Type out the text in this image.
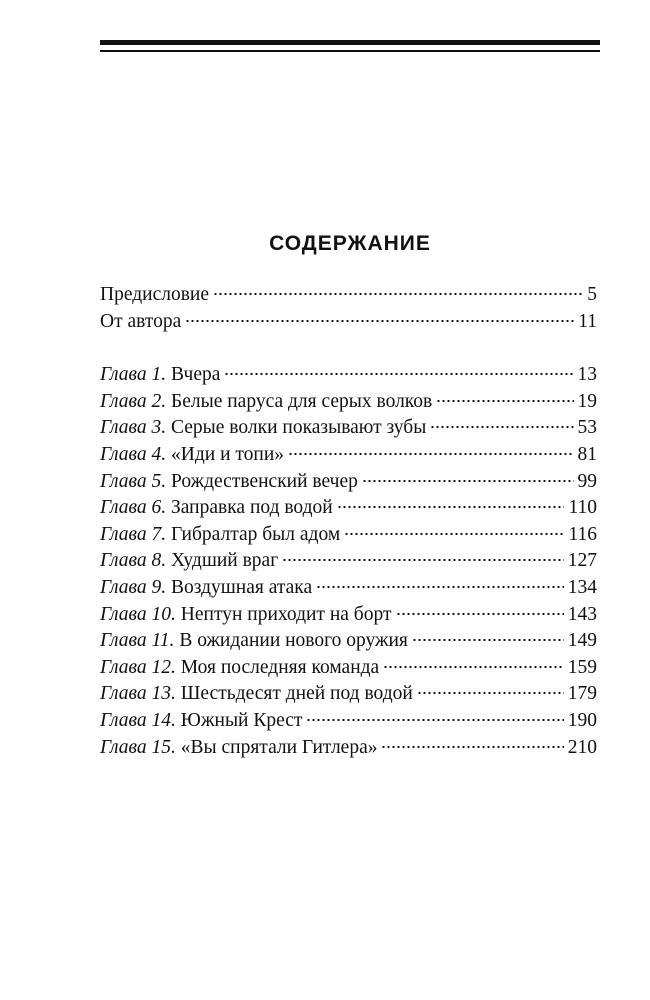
СОДЕРЖАНИЕ
Предисловие	5
От автора	11
Глава 1. Вчера	13
Глава 2. Белые паруса для серых волков	19
Глава 3. Серые волки показывают зубы	53
Глава 4. «Иди и топи»	81
Глава 5. Рождественский вечер	99
Глава 6. Заправка под водой	110
Глава 7. Гибралтар был адом	116
Глава 8. Худший враг	127
Глава 9. Воздушная атака	134
Глава 10. Нептун приходит на борт	143
Глава 11. В ожидании нового оружия	149
Глава 12. Моя последняя команда	159
Глава 13. Шестьдесят дней под водой	179
Глава 14. Южный Крест	190
Глава 15. «Вы спрятали Гитлера»	210
